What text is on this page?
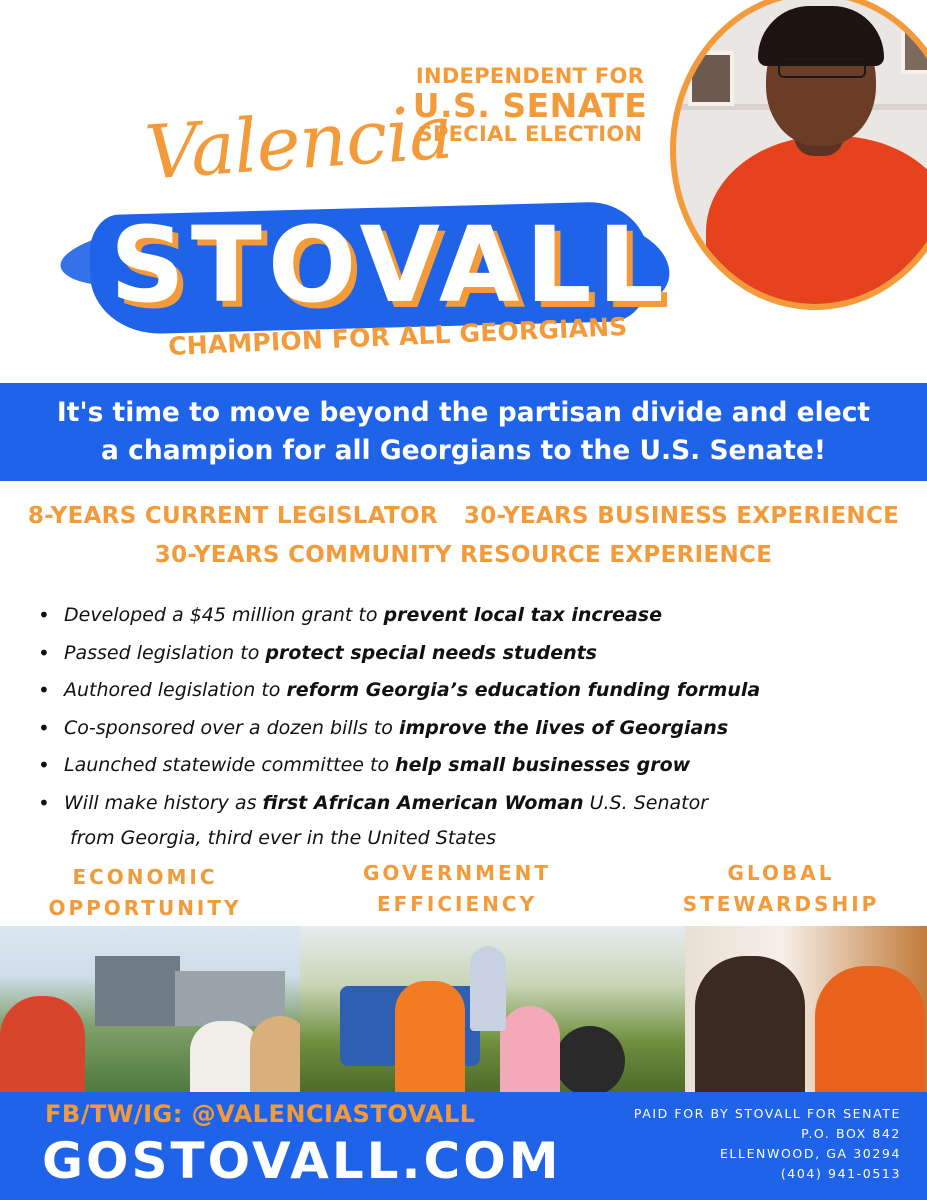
INDEPENDENT FOR
U.S. SENATE
SPECIAL ELECTION
Valencia
STOVALL
CHAMPION FOR ALL GEORGIANS
It's time to move beyond the partisan divide and elect
a champion for all Georgians to the U.S. Senate!
8-YEARS CURRENT LEGISLATOR 30-YEARS BUSINESS EXPERIENCE
30-YEARS COMMUNITY RESOURCE EXPERIENCE
• Developed a $45 million grant to prevent local tax increase
• Passed legislation to protect special needs students
• Authored legislation to reform Georgia’s education funding formula
• Co-sponsored over a dozen bills to improve the lives of Georgians
• Launched statewide committee to help small businesses grow
• Will make history as first African American Woman U.S. Senator
from Georgia, third ever in the United States
ECONOMIC
OPPORTUNITY
GOVERNMENT
EFFICIENCY
GLOBAL
STEWARDSHIP
FB/TW/IG: @VALENCIASTOVALL
GOSTOVALL.COM
PAID FOR BY STOVALL FOR SENATE
P.O. BOX 842
ELLENWOOD, GA 30294
(404) 941-0513
